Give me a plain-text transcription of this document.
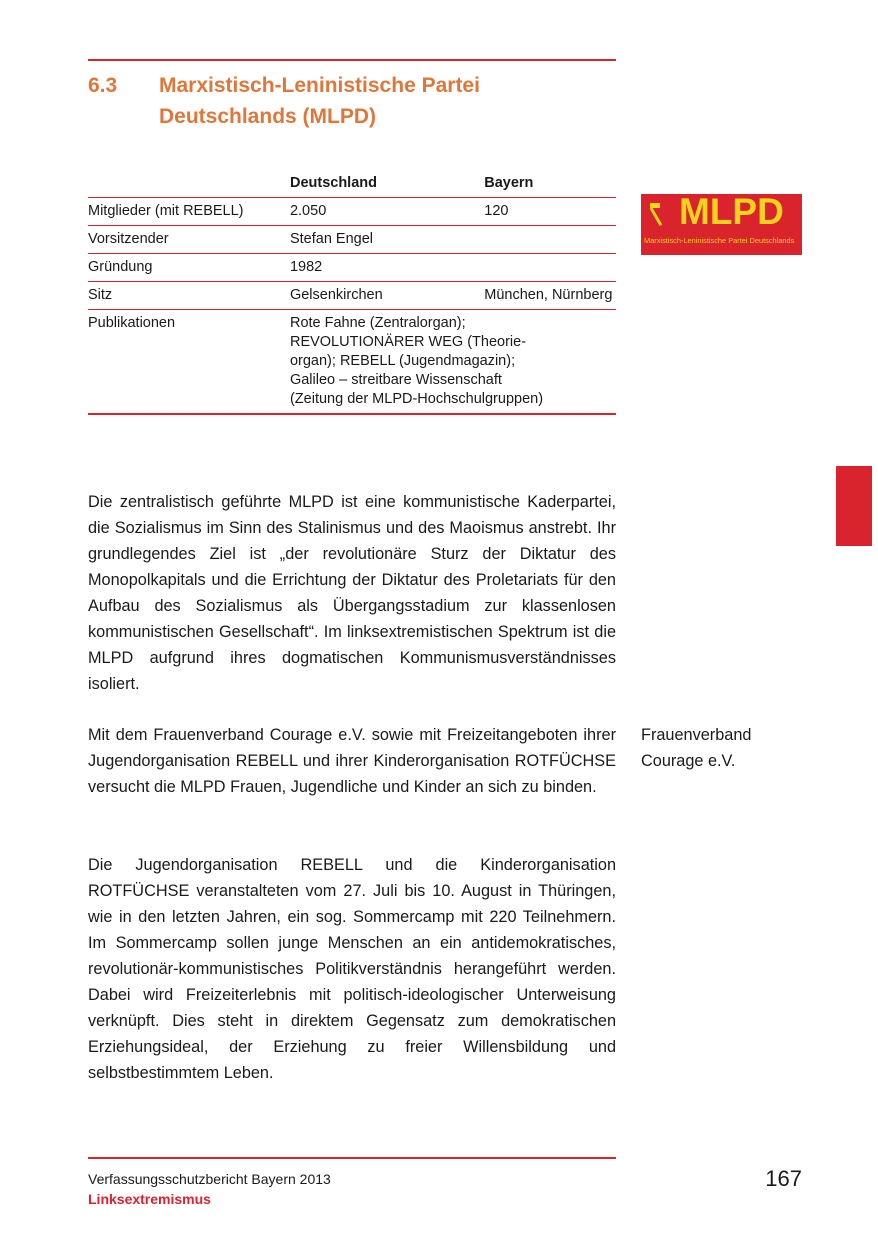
6.3 Marxistisch-Leninistische Partei Deutschlands (MLPD)
	Deutschland	Bayern
Mitglieder (mit REBELL)	2.050	120
Vorsitzender	Stefan Engel	
Gründung	1982	
Sitz	Gelsenkirchen	München, Nürnberg
Publikationen	Rote Fahne (Zentralorgan); REVOLUTIONÄRER WEG (Theorie-organ); REBELL (Jugendmagazin); Galileo – streitbare Wissenschaft (Zeitung der MLPD-Hochschulgruppen)	
MLPD
Marxistisch-Leninistische Partei Deutschlands

Die zentralistisch geführte MLPD ist eine kommunistische Kaderpartei, die Sozialismus im Sinn des Stalinismus und des Maoismus anstrebt. Ihr grundlegendes Ziel ist „der revolutionäre Sturz der Diktatur des Monopolkapitals und die Errichtung der Diktatur des Proletariats für den Aufbau des Sozialismus als Übergangsstadium zur klassenlosen kommunistischen Gesellschaft“. Im linksextremistischen Spektrum ist die MLPD aufgrund ihres dogmatischen Kommunismusverständnisses isoliert.

Mit dem Frauenverband Courage e.V. sowie mit Freizeitangeboten ihrer Jugendorganisation REBELL und ihrer Kinderorganisation ROTFÜCHSE versucht die MLPD Frauen, Jugendliche und Kinder an sich zu binden.

Die Jugendorganisation REBELL und die Kinderorganisation ROTFÜCHSE veranstalteten vom 27. Juli bis 10. August in Thüringen, wie in den letzten Jahren, ein sog. Sommercamp mit 220 Teilnehmern. Im Sommercamp sollen junge Menschen an ein antidemokratisches, revolutionär-kommunistisches Politikverständnis herangeführt werden. Dabei wird Freizeiterlebnis mit politisch-ideologischer Unterweisung verknüpft. Dies steht in direktem Gegensatz zum demokratischen Erziehungsideal, der Erziehung zu freier Willensbildung und selbstbestimmtem Leben.

Frauenverband Courage e.V.
Verfassungsschutzbericht Bayern 2013
Linksextremismus
167
